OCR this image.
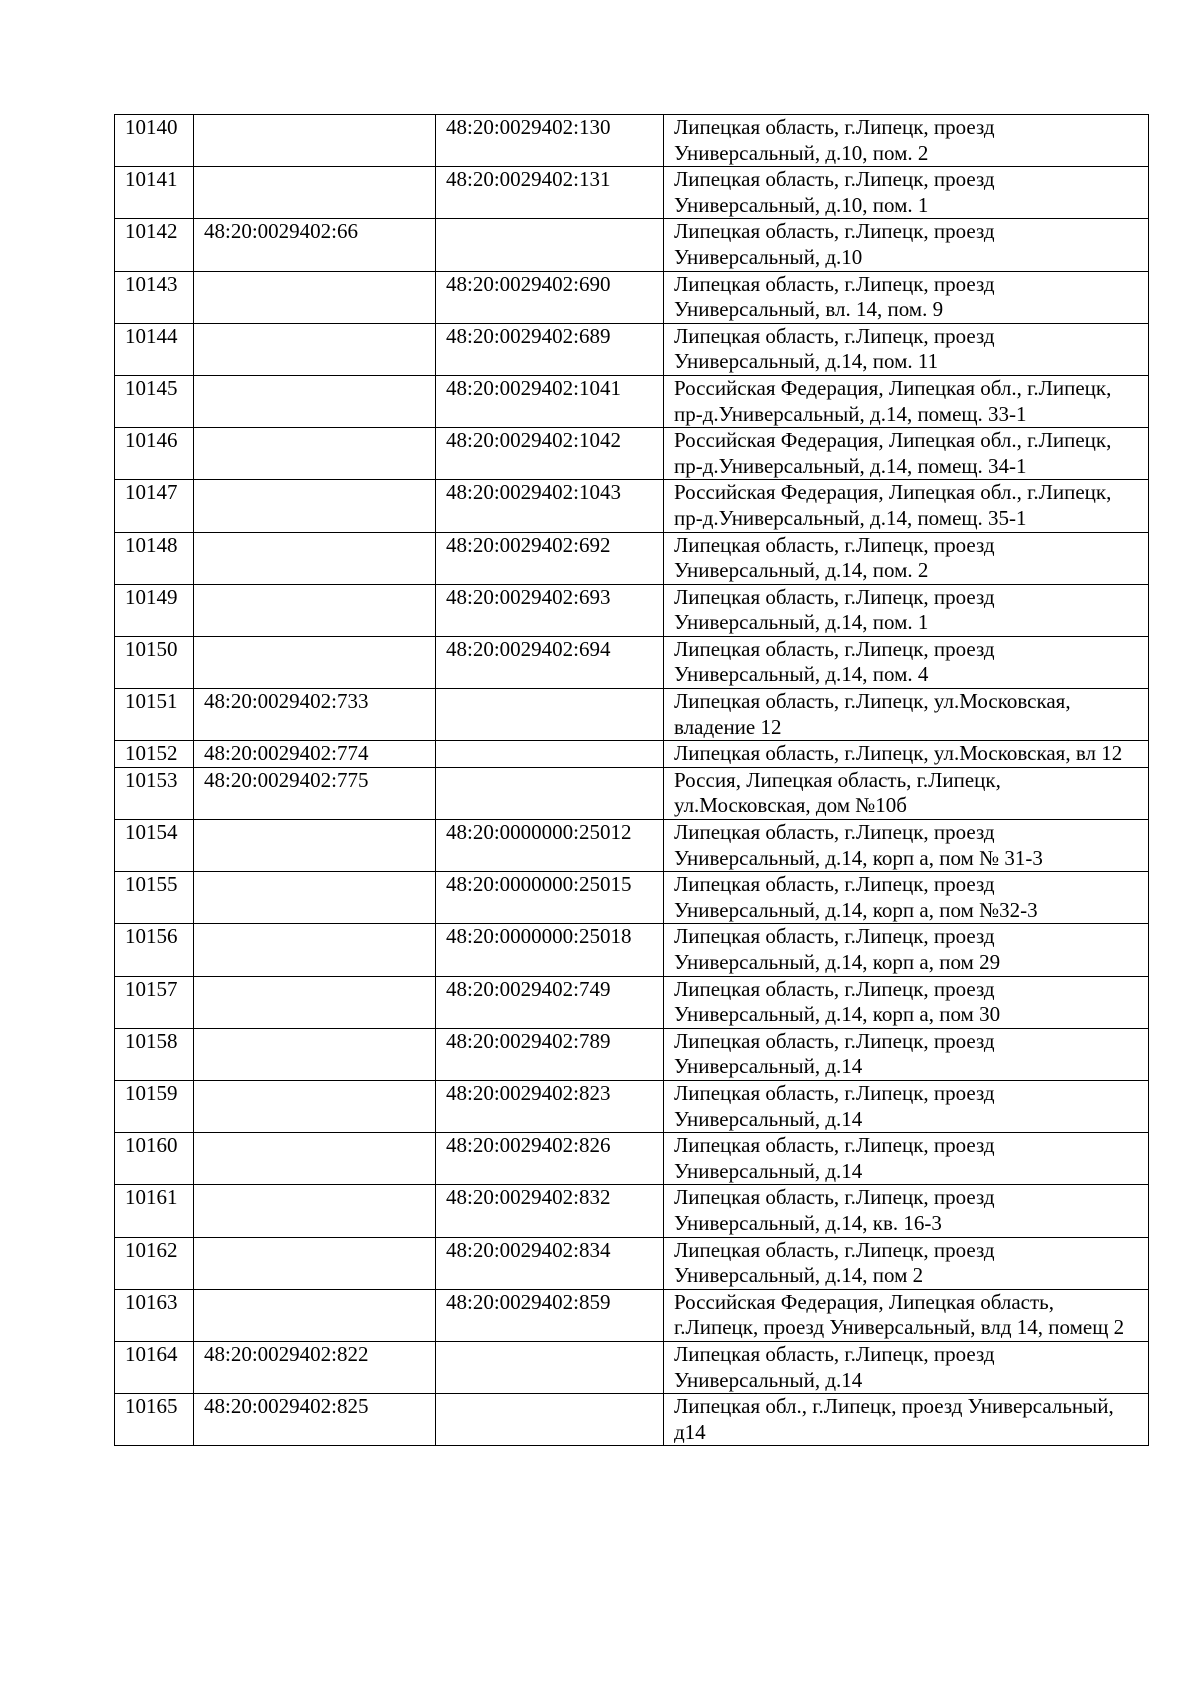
10140		48:20:0029402:130	Липецкая область, г.Липецк, проезд Универсальный, д.10, пом. 2
10141		48:20:0029402:131	Липецкая область, г.Липецк, проезд Универсальный, д.10, пом. 1
10142	48:20:0029402:66		Липецкая область, г.Липецк, проезд Универсальный, д.10
10143		48:20:0029402:690	Липецкая область, г.Липецк, проезд Универсальный, вл. 14, пом. 9
10144		48:20:0029402:689	Липецкая область, г.Липецк, проезд Универсальный, д.14, пом. 11
10145		48:20:0029402:1041	Российская Федерация, Липецкая обл., г.Липецк, пр-д.Универсальный, д.14, помещ. 33-1
10146		48:20:0029402:1042	Российская Федерация, Липецкая обл., г.Липецк, пр-д.Универсальный, д.14, помещ. 34-1
10147		48:20:0029402:1043	Российская Федерация, Липецкая обл., г.Липецк, пр-д.Универсальный, д.14, помещ. 35-1
10148		48:20:0029402:692	Липецкая область, г.Липецк, проезд Универсальный, д.14, пом. 2
10149		48:20:0029402:693	Липецкая область, г.Липецк, проезд Универсальный, д.14, пом. 1
10150		48:20:0029402:694	Липецкая область, г.Липецк, проезд Универсальный, д.14, пом. 4
10151	48:20:0029402:733		Липецкая область, г.Липецк, ул.Московская, владение 12
10152	48:20:0029402:774		Липецкая область, г.Липецк, ул.Московская, вл 12
10153	48:20:0029402:775		Россия, Липецкая область, г.Липецк, ул.Московская, дом №10б
10154		48:20:0000000:25012	Липецкая область, г.Липецк, проезд Универсальный, д.14, корп а, пом № 31-3
10155		48:20:0000000:25015	Липецкая область, г.Липецк, проезд Универсальный, д.14, корп а, пом №32-3
10156		48:20:0000000:25018	Липецкая область, г.Липецк, проезд Универсальный, д.14, корп а, пом 29
10157		48:20:0029402:749	Липецкая область, г.Липецк, проезд Универсальный, д.14, корп а, пом 30
10158		48:20:0029402:789	Липецкая область, г.Липецк, проезд Универсальный, д.14
10159		48:20:0029402:823	Липецкая область, г.Липецк, проезд Универсальный, д.14
10160		48:20:0029402:826	Липецкая область, г.Липецк, проезд Универсальный, д.14
10161		48:20:0029402:832	Липецкая область, г.Липецк, проезд Универсальный, д.14, кв. 16-3
10162		48:20:0029402:834	Липецкая область, г.Липецк, проезд Универсальный, д.14, пом 2
10163		48:20:0029402:859	Российская Федерация, Липецкая область, г.Липецк, проезд Универсальный, влд 14, помещ 2
10164	48:20:0029402:822		Липецкая область, г.Липецк, проезд Универсальный, д.14
10165	48:20:0029402:825		Липецкая обл., г.Липецк, проезд Универсальный, д14
